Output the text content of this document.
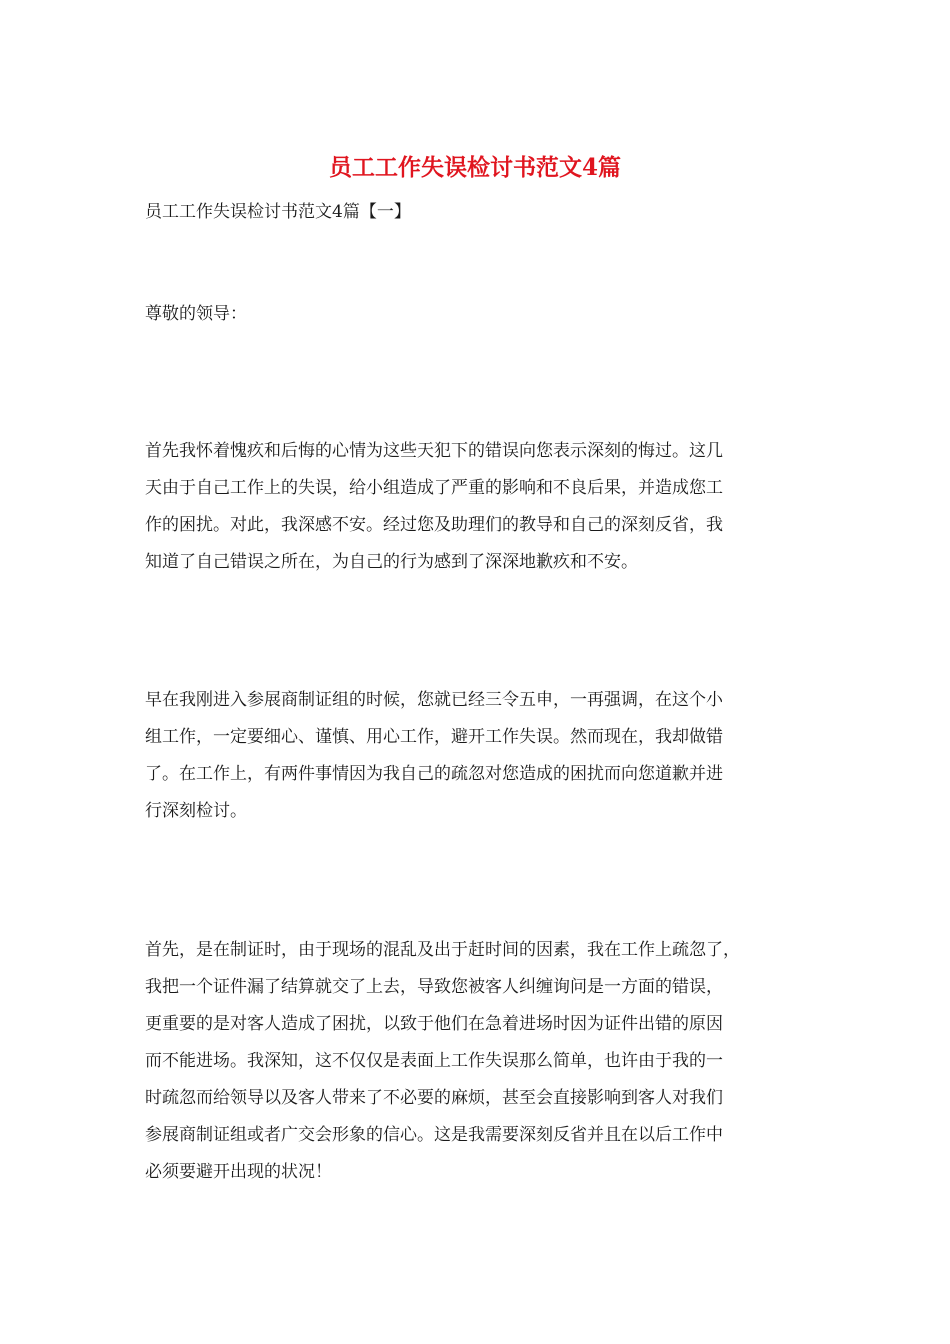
员工工作失误检讨书范文4篇
员工工作失误检讨书范文4篇【一】
尊敬的领导：
首先我怀着愧疚和后悔的心情为这些天犯下的错误向您表示深刻的悔过。这几
天由于自己工作上的失误，给小组造成了严重的影响和不良后果，并造成您工
作的困扰。对此，我深感不安。经过您及助理们的教导和自己的深刻反省，我
知道了自己错误之所在，为自己的行为感到了深深地歉疚和不安。
早在我刚进入参展商制证组的时候，您就已经三令五申，一再强调，在这个小
组工作，一定要细心、谨慎、用心工作，避开工作失误。然而现在，我却做错
了。在工作上，有两件事情因为我自己的疏忽对您造成的困扰而向您道歉并进
行深刻检讨。
首先，是在制证时，由于现场的混乱及出于赶时间的因素，我在工作上疏忽了，
我把一个证件漏了结算就交了上去，导致您被客人纠缠询问是一方面的错误，
更重要的是对客人造成了困扰，以致于他们在急着进场时因为证件出错的原因
而不能进场。我深知，这不仅仅是表面上工作失误那么简单，也许由于我的一
时疏忽而给领导以及客人带来了不必要的麻烦，甚至会直接影响到客人对我们
参展商制证组或者广交会形象的信心。这是我需要深刻反省并且在以后工作中
必须要避开出现的状况！
